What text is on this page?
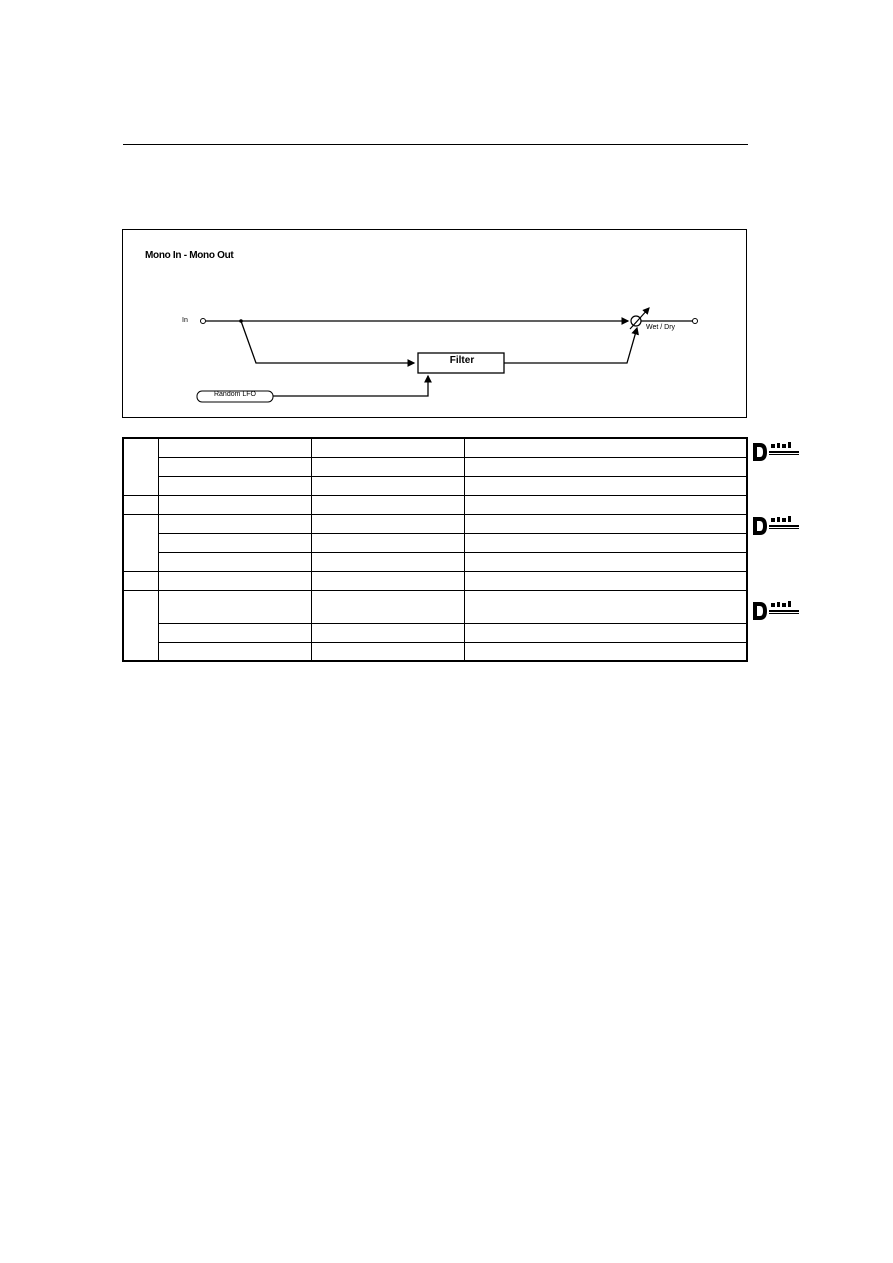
Mono In - Mono Out
In
Filter
Random LFO
Wet / Dry
